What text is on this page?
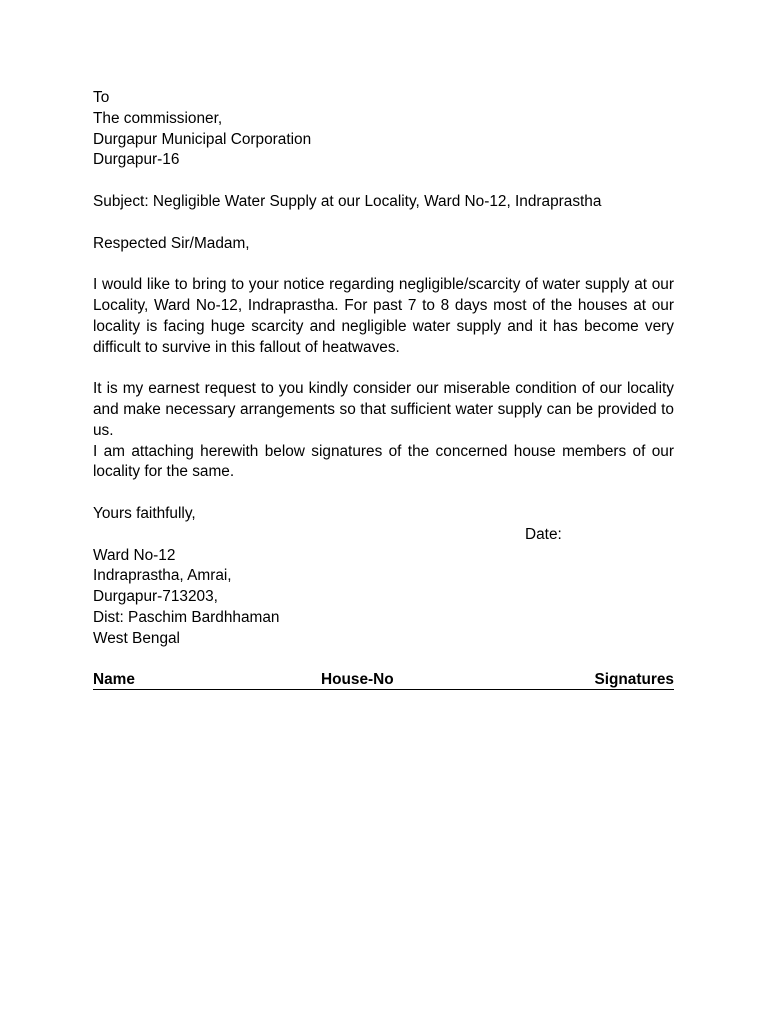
To
The commissioner,
Durgapur Municipal Corporation
Durgapur-16
Subject: Negligible Water Supply at our Locality, Ward No-12, Indraprastha
Respected Sir/Madam,
I would like to bring to your notice regarding negligible/scarcity of water supply at our Locality, Ward No-12, Indraprastha. For past 7 to 8 days most of the houses at our locality is facing huge scarcity and negligible water supply and it has become very difficult to survive in this fallout of heatwaves.
It is my earnest request to you kindly consider our miserable condition of our locality and make necessary arrangements so that sufficient water supply can be provided to us.
I am attaching herewith below signatures of the concerned house members of our locality for the same.
Yours faithfully,
Date:
Ward No-12
Indraprastha, Amrai,
Durgapur-713203,
Dist: Paschim Bardhhaman
West Bengal
Name	House-No	Signatures
